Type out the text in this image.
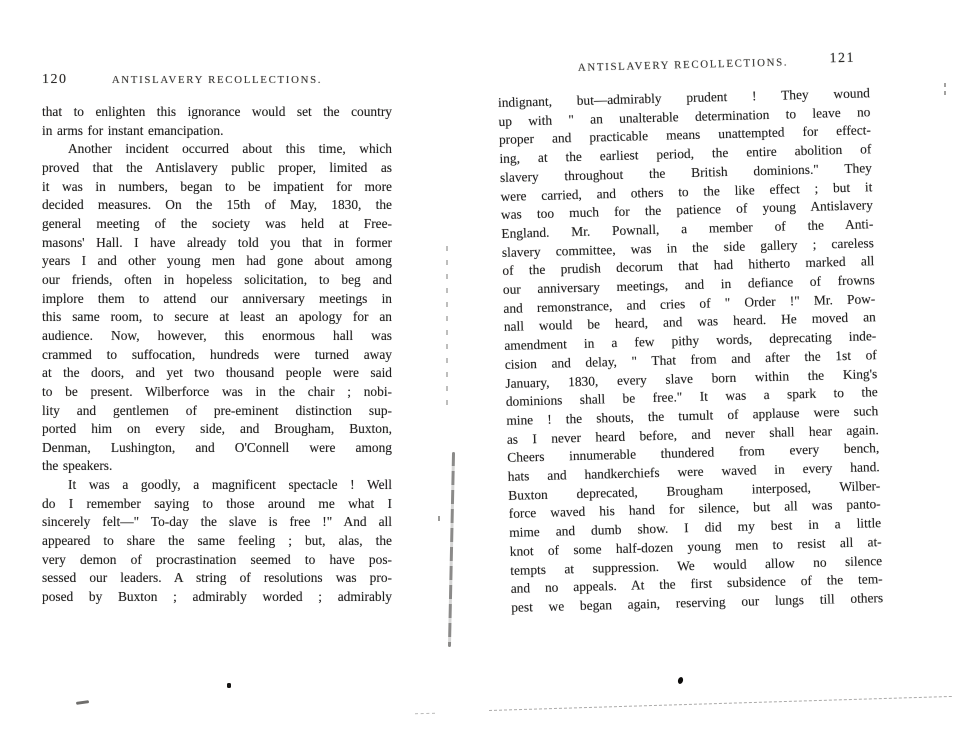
120	ANTISLAVERY RECOLLECTIONS.
that to enlighten this ignorance would set the country
in arms for instant emancipation.
Another incident occurred about this time, which
proved that the Antislavery public proper, limited as
it was in numbers, began to be impatient for more
decided measures. On the 15th of May, 1830, the
general meeting of the society was held at Free-
masons' Hall. I have already told you that in former
years I and other young men had gone about among
our friends, often in hopeless solicitation, to beg and
implore them to attend our anniversary meetings in
this same room, to secure at least an apology for an
audience. Now, however, this enormous hall was
crammed to suffocation, hundreds were turned away
at the doors, and yet two thousand people were said
to be present. Wilberforce was in the chair ; nobi-
lity and gentlemen of pre-eminent distinction sup-
ported him on every side, and Brougham, Buxton,
Denman, Lushington, and O'Connell were among
the speakers.
It was a goodly, a magnificent spectacle ! Well
do I remember saying to those around me what I
sincerely felt—" To-day the slave is free !" And all
appeared to share the same feeling ; but, alas, the
very demon of procrastination seemed to have pos-
sessed our leaders. A string of resolutions was pro-
posed by Buxton ; admirably worded ; admirably
ANTISLAVERY RECOLLECTIONS.	121
indignant, but—admirably prudent ! They wound
up with " an unalterable determination to leave no
proper and practicable means unattempted for effect-
ing, at the earliest period, the entire abolition of
slavery throughout the British dominions." They
were carried, and others to the like effect ; but it
was too much for the patience of young Antislavery
England. Mr. Pownall, a member of the Anti-
slavery committee, was in the side gallery ; careless
of the prudish decorum that had hitherto marked all
our anniversary meetings, and in defiance of frowns
and remonstrance, and cries of " Order !" Mr. Pow-
nall would be heard, and was heard. He moved an
amendment in a few pithy words, deprecating inde-
cision and delay, " That from and after the 1st of
January, 1830, every slave born within the King's
dominions shall be free." It was a spark to the
mine ! the shouts, the tumult of applause were such
as I never heard before, and never shall hear again.
Cheers innumerable thundered from every bench,
hats and handkerchiefs were waved in every hand.
Buxton deprecated, Brougham interposed, Wilber-
force waved his hand for silence, but all was panto-
mime and dumb show. I did my best in a little
knot of some half-dozen young men to resist all at-
tempts at suppression. We would allow no silence
and no appeals. At the first subsidence of the tem-
pest we began again, reserving our lungs till others
